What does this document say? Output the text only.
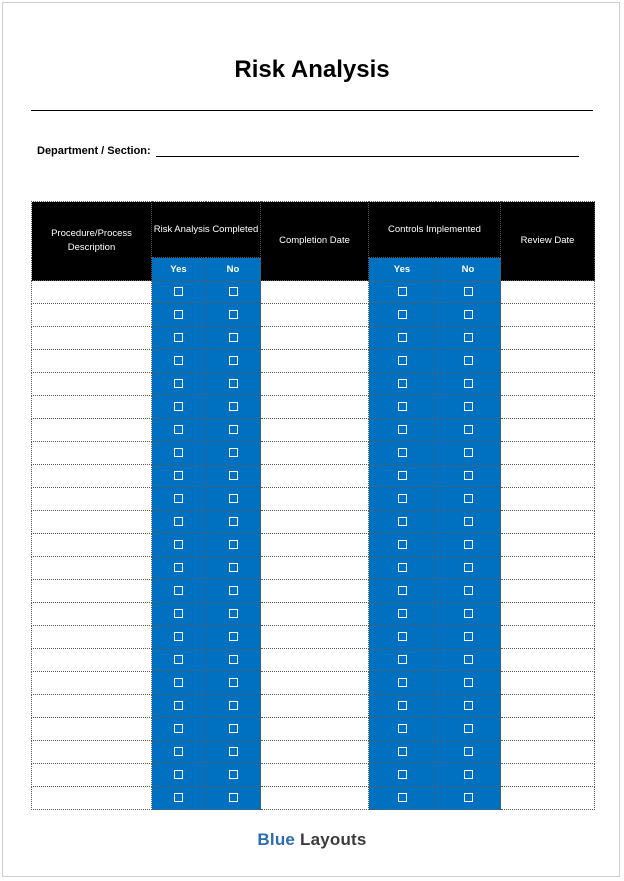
Risk Analysis
Department / Section:
Procedure/Process Description	Risk Analysis Completed		Completion Date	Controls Implemented		Review Date
	Yes	No		Yes	No	

Blue Layouts
